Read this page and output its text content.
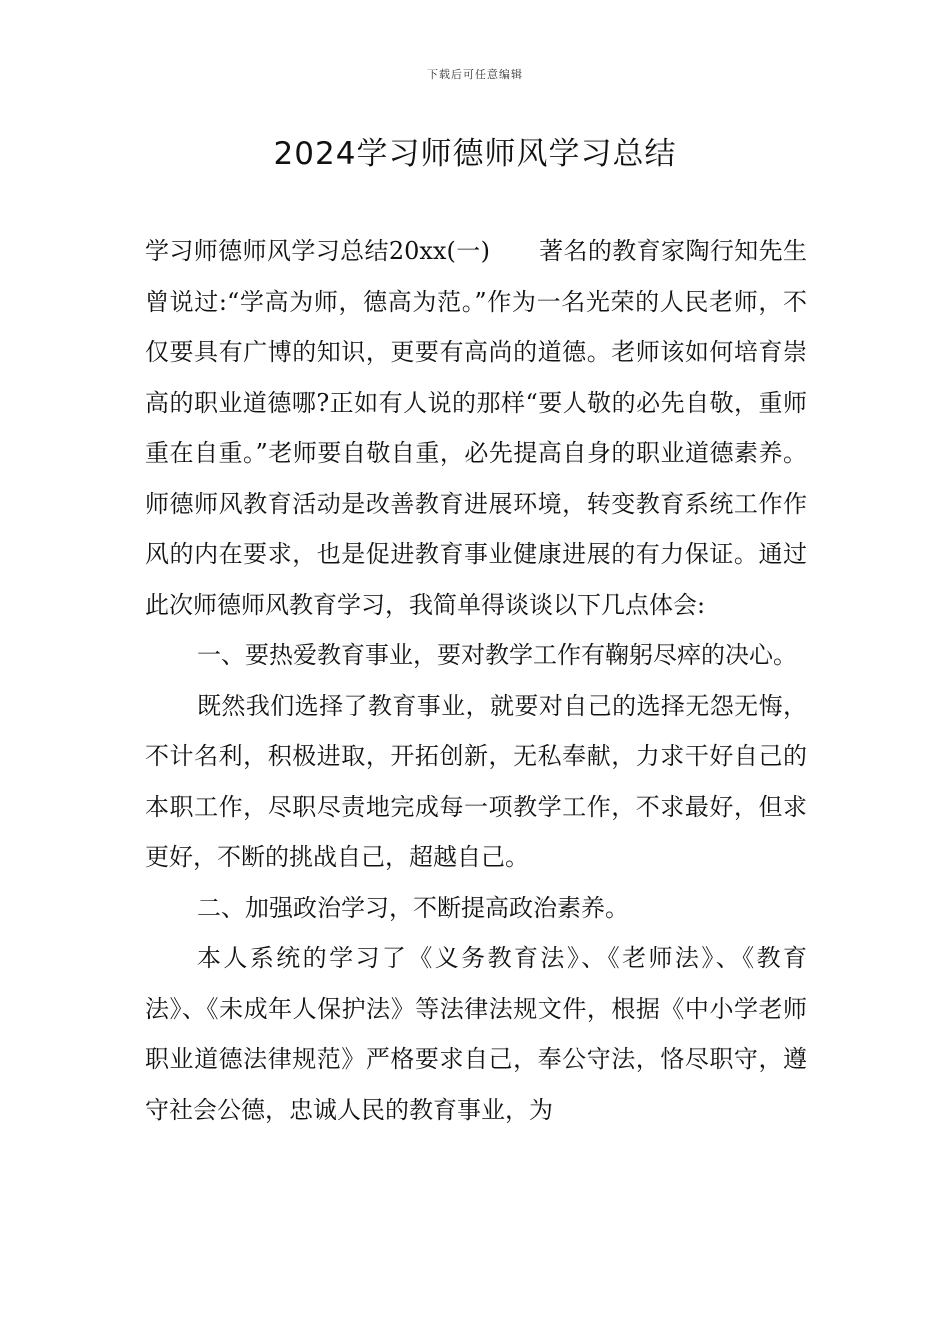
下载后可任意编辑
2024学习师德师风学习总结

学习师德师风学习总结20xx(一)　　著名的教育家陶行知先生曾说过:“学高为师，德高为范。”作为一名光荣的人民老师，不仅要具有广博的知识，更要有高尚的道德。老师该如何培育崇高的职业道德哪?正如有人说的那样“要人敬的必先自敬，重师重在自重。”老师要自敬自重，必先提高自身的职业道德素养。师德师风教育活动是改善教育进展环境，转变教育系统工作作风的内在要求，也是促进教育事业健康进展的有力保证。通过此次师德师风教育学习，我简单得谈谈以下几点体会:

一、要热爱教育事业，要对教学工作有鞠躬尽瘁的决心。

既然我们选择了教育事业，就要对自己的选择无怨无悔，不计名利，积极进取，开拓创新，无私奉献，力求干好自己的本职工作，尽职尽责地完成每一项教学工作，不求最好，但求更好，不断的挑战自己，超越自己。

二、加强政治学习，不断提高政治素养。

本人系统的学习了《义务教育法》、《老师法》、《教育法》、《未成年人保护法》等法律法规文件，根据《中小学老师职业道德法律规范》严格要求自己，奉公守法，恪尽职守，遵守社会公德，忠诚人民的教育事业，为
